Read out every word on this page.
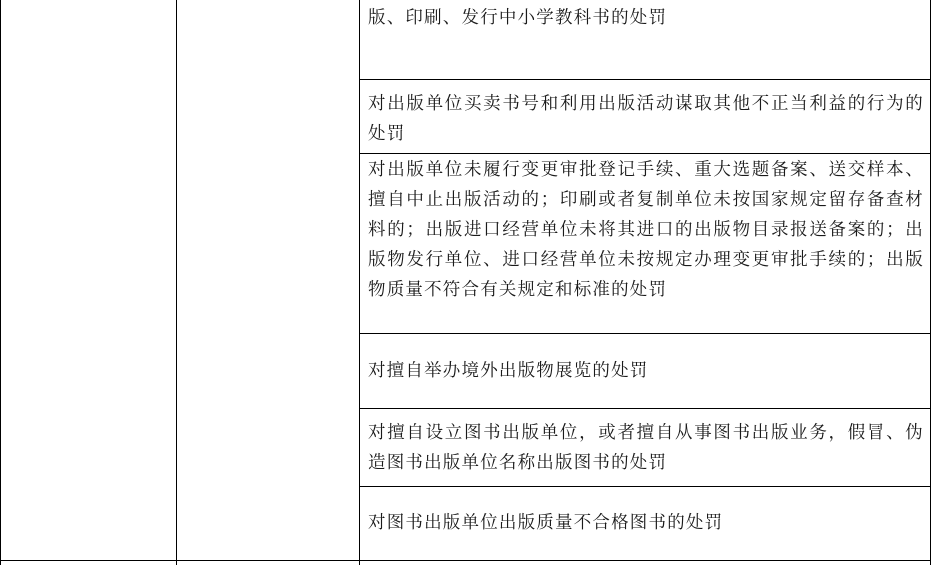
版、印刷、发行中小学教科书的处罚

对出版单位买卖书号和利用出版活动谋取其他不正当利益的行为的处罚

对出版单位未履行变更审批登记手续、重大选题备案、送交样本、擅自中止出版活动的；印刷或者复制单位未按国家规定留存备查材料的；出版进口经营单位未将其进口的出版物目录报送备案的；出版物发行单位、进口经营单位未按规定办理变更审批手续的；出版物质量不符合有关规定和标准的处罚

对擅自举办境外出版物展览的处罚

对擅自设立图书出版单位，或者擅自从事图书出版业务，假冒、伪造图书出版单位名称出版图书的处罚

对图书出版单位出版质量不合格图书的处罚
